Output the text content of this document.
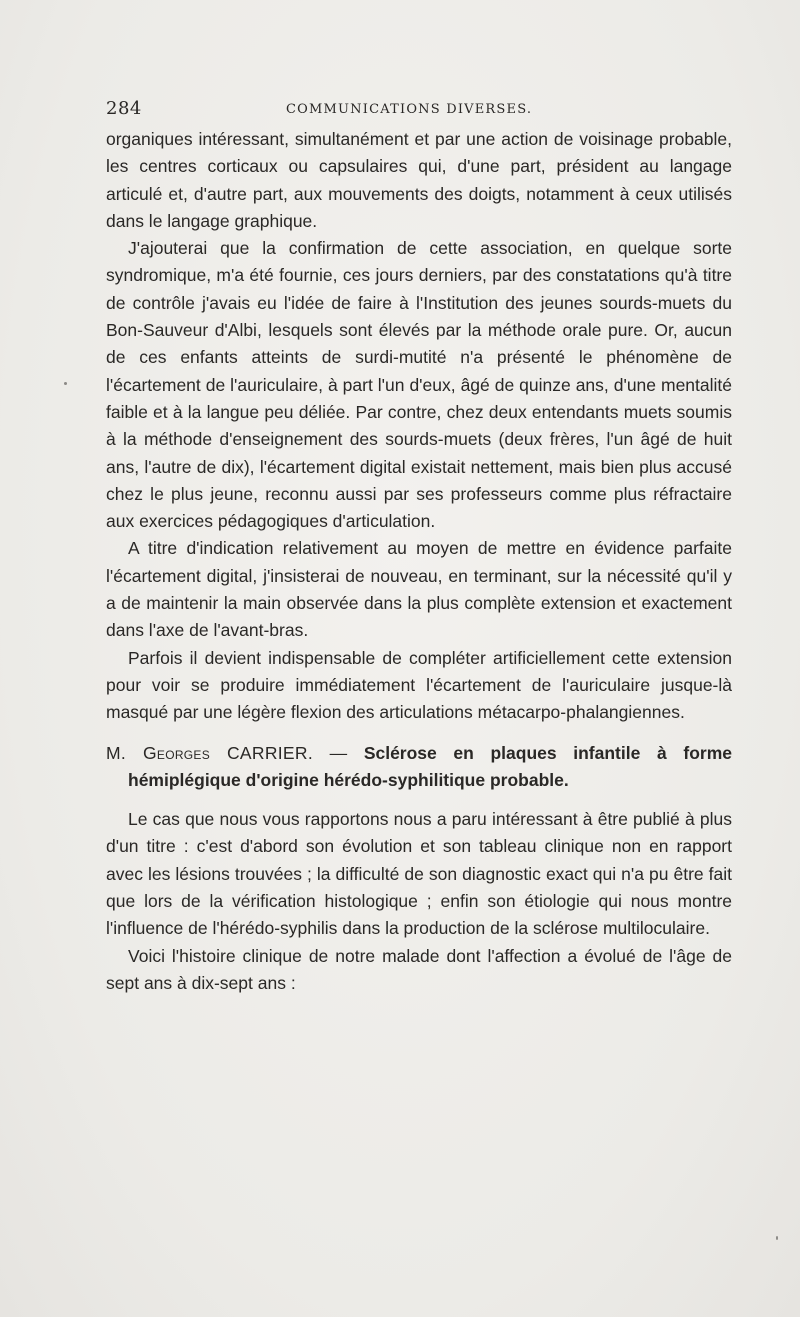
284	COMMUNICATIONS DIVERSES.

organiques intéressant, simultanément et par une action de voisinage probable, les centres corticaux ou capsulaires qui, d'une part, président au langage articulé et, d'autre part, aux mouvements des doigts, notamment à ceux utilisés dans le langage graphique.

J'ajouterai que la confirmation de cette association, en quelque sorte syndromique, m'a été fournie, ces jours derniers, par des constatations qu'à titre de contrôle j'avais eu l'idée de faire à l'Institution des jeunes sourds-muets du Bon-Sauveur d'Albi, lesquels sont élevés par la méthode orale pure. Or, aucun de ces enfants atteints de surdi-mutité n'a présenté le phénomène de l'écartement de l'auriculaire, à part l'un d'eux, âgé de quinze ans, d'une mentalité faible et à la langue peu déliée. Par contre, chez deux entendants muets soumis à la méthode d'enseignement des sourds-muets (deux frères, l'un âgé de huit ans, l'autre de dix), l'écartement digital existait nettement, mais bien plus accusé chez le plus jeune, reconnu aussi par ses professeurs comme plus réfractaire aux exercices pédagogiques d'articulation.

A titre d'indication relativement au moyen de mettre en évidence parfaite l'écartement digital, j'insisterai de nouveau, en terminant, sur la nécessité qu'il y a de maintenir la main observée dans la plus complète extension et exactement dans l'axe de l'avant-bras.

Parfois il devient indispensable de compléter artificiellement cette extension pour voir se produire immédiatement l'écartement de l'auriculaire jusque-là masqué par une légère flexion des articulations métacarpo-phalangiennes.

M. Georges CARRIER. — Sclérose en plaques infantile à forme hémiplégique d'origine hérédo-syphilitique probable.

Le cas que nous vous rapportons nous a paru intéressant à être publié à plus d'un titre : c'est d'abord son évolution et son tableau clinique non en rapport avec les lésions trouvées ; la difficulté de son diagnostic exact qui n'a pu être fait que lors de la vérification histologique ; enfin son étiologie qui nous montre l'influence de l'hérédo-syphilis dans la production de la sclérose multiloculaire.

Voici l'histoire clinique de notre malade dont l'affection a évolué de l'âge de sept ans à dix-sept ans :
